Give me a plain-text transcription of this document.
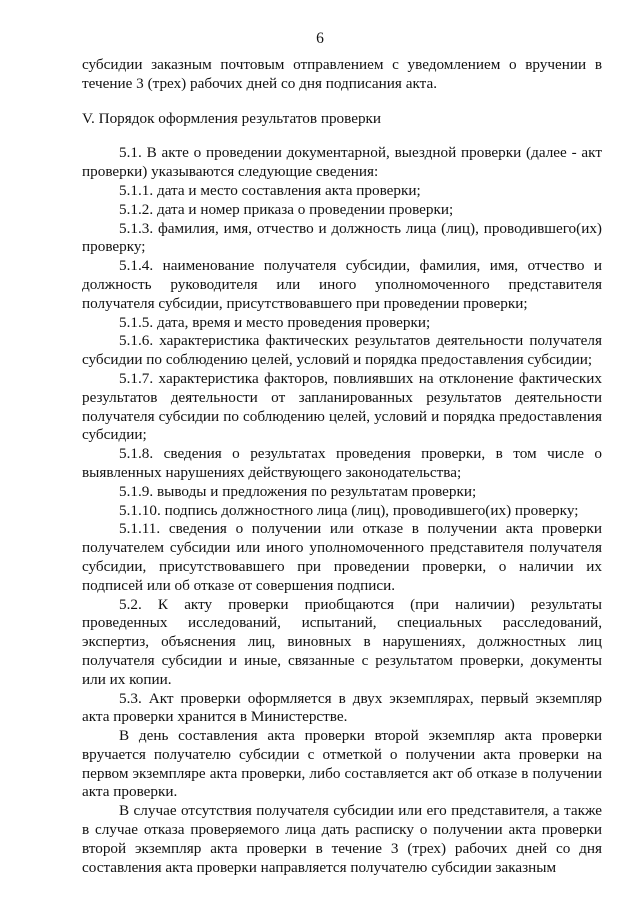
6

субсидии заказным почтовым отправлением с уведомлением о вручении в течение 3 (трех) рабочих дней со дня подписания акта.

V. Порядок оформления результатов проверки

5.1. В акте о проведении документарной, выездной проверки (далее - акт проверки) указываются следующие сведения:

5.1.1. дата и место составления акта проверки;

5.1.2. дата и номер приказа о проведении проверки;

5.1.3. фамилия, имя, отчество и должность лица (лиц), проводившего(их) проверку;

5.1.4. наименование получателя субсидии, фамилия, имя, отчество и должность руководителя или иного уполномоченного представителя получателя субсидии, присутствовавшего при проведении проверки;

5.1.5. дата, время и место проведения проверки;

5.1.6. характеристика фактических результатов деятельности получателя субсидии по соблюдению целей, условий и порядка предоставления субсидии;

5.1.7. характеристика факторов, повлиявших на отклонение фактических результатов деятельности от запланированных результатов деятельности получателя субсидии по соблюдению целей, условий и порядка предоставления субсидии;

5.1.8. сведения о результатах проведения проверки, в том числе о выявленных нарушениях действующего законодательства;

5.1.9. выводы и предложения по результатам проверки;

5.1.10. подпись должностного лица (лиц), проводившего(их) проверку;

5.1.11. сведения о получении или отказе в получении акта проверки получателем субсидии или иного уполномоченного представителя получателя субсидии, присутствовавшего при проведении проверки, о наличии их подписей или об отказе от совершения подписи.

5.2. К акту проверки приобщаются (при наличии) результаты проведенных исследований, испытаний, специальных расследований, экспертиз, объяснения лиц, виновных в нарушениях, должностных лиц получателя субсидии и иные, связанные с результатом проверки, документы или их копии.

5.3. Акт проверки оформляется в двух экземплярах, первый экземпляр акта проверки хранится в Министерстве.

В день составления акта проверки второй экземпляр акта проверки вручается получателю субсидии с отметкой о получении акта проверки на первом экземпляре акта проверки, либо составляется акт об отказе в получении акта проверки.

В случае отсутствия получателя субсидии или его представителя, а также в случае отказа проверяемого лица дать расписку о получении акта проверки второй экземпляр акта проверки в течение 3 (трех) рабочих дней со дня составления акта проверки направляется получателю субсидии заказным
